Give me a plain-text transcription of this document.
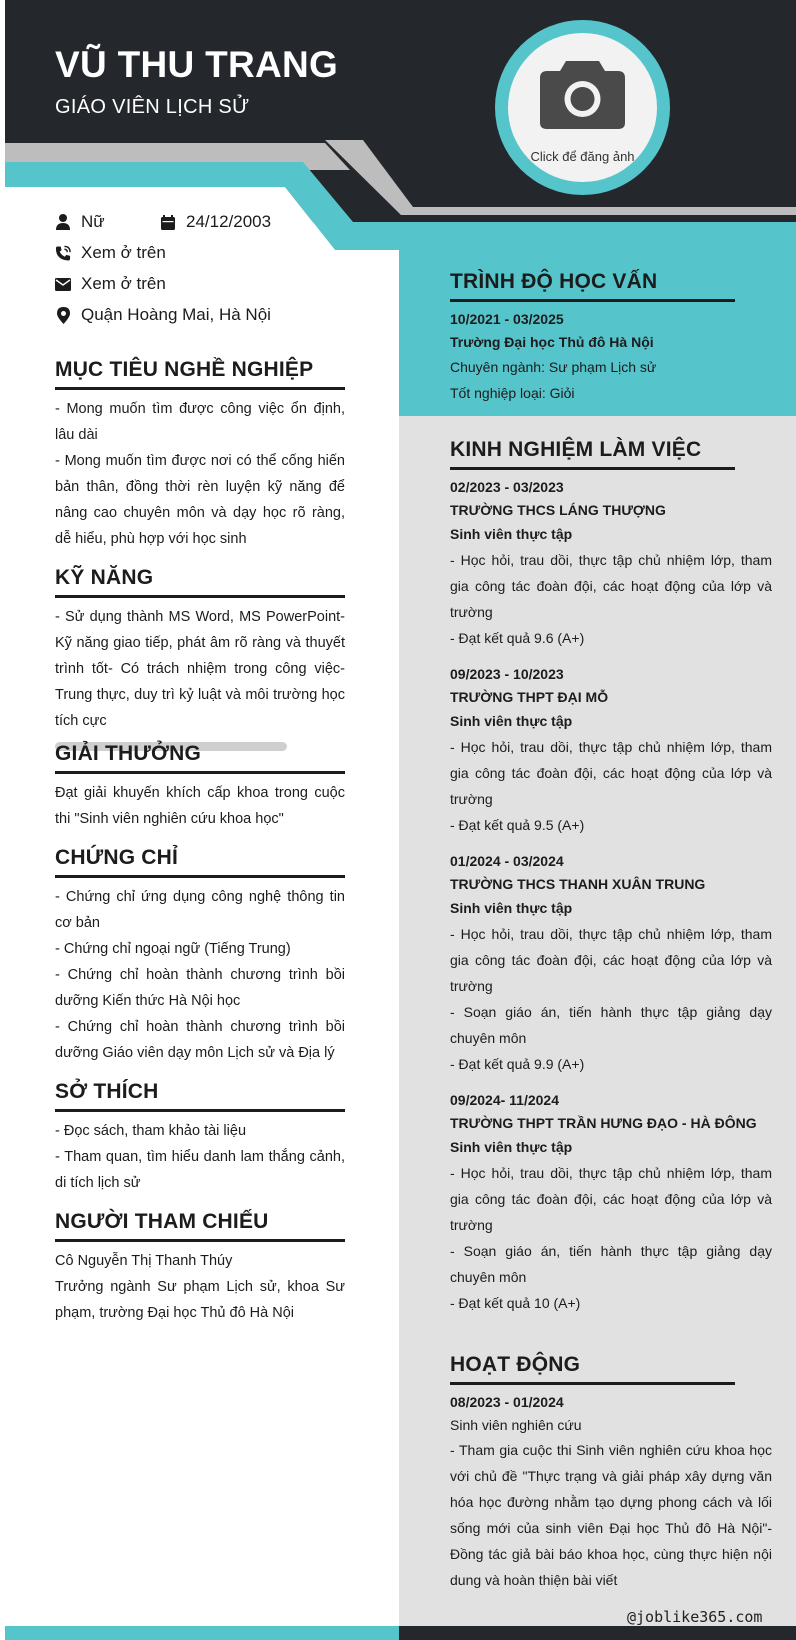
VŨ THU TRANG
GIÁO VIÊN LỊCH SỬ
Click để đăng ảnh
Nữ	24/12/2003
Xem ở trên
Xem ở trên
Quận Hoàng Mai, Hà Nội
MỤC TIÊU NGHỀ NGHIỆP

- Mong muốn tìm được công việc ổn định, lâu dài

- Mong muốn tìm được nơi có thể cống hiến bản thân, đồng thời rèn luyện kỹ năng để nâng cao chuyên môn và dạy học rõ ràng, dễ hiểu, phù hợp với học sinh

KỸ NĂNG

- Sử dụng thành MS Word, MS PowerPoint- Kỹ năng giao tiếp, phát âm rõ ràng và thuyết trình tốt- Có trách nhiệm trong công việc- Trung thực, duy trì kỷ luật và môi trường học tích cực

GIẢI THƯỞNG

Đạt giải khuyến khích cấp khoa trong cuộc thi "Sinh viên nghiên cứu khoa học"

CHỨNG CHỈ

- Chứng chỉ ứng dụng công nghệ thông tin cơ bản

- Chứng chỉ ngoại ngữ (Tiếng Trung)

- Chứng chỉ hoàn thành chương trình bồi dưỡng Kiến thức Hà Nội học

- Chứng chỉ hoàn thành chương trình bồi dưỡng Giáo viên dạy môn Lịch sử và Địa lý

SỞ THÍCH

- Đọc sách, tham khảo tài liệu

- Tham quan, tìm hiểu danh lam thắng cảnh, di tích lịch sử

NGƯỜI THAM CHIẾU

Cô Nguyễn Thị Thanh Thúy

Trưởng ngành Sư phạm Lịch sử, khoa Sư phạm, trường Đại học Thủ đô Hà Nội

TRÌNH ĐỘ HỌC VẤN
10/2021 - 03/2025
Trường Đại học Thủ đô Hà Nội
Chuyên ngành: Sư phạm Lịch sử
Tốt nghiệp loại: Giỏi
KINH NGHIỆM LÀM VIỆC
02/2023 - 03/2023
TRƯỜNG THCS LÁNG THƯỢNG
Sinh viên thực tập
- Học hỏi, trau dồi, thực tập chủ nhiệm lớp, tham gia công tác đoàn đội, các hoạt động của lớp và trường
- Đạt kết quả 9.6 (A+)
09/2023 - 10/2023
TRƯỜNG THPT ĐẠI MỖ
Sinh viên thực tập
- Học hỏi, trau dồi, thực tập chủ nhiệm lớp, tham gia công tác đoàn đội, các hoạt động của lớp và trường
- Đạt kết quả 9.5 (A+)
01/2024 - 03/2024
TRƯỜNG THCS THANH XUÂN TRUNG
Sinh viên thực tập
- Học hỏi, trau dồi, thực tập chủ nhiệm lớp, tham gia công tác đoàn đội, các hoạt động của lớp và trường
- Soạn giáo án, tiến hành thực tập giảng dạy chuyên môn
- Đạt kết quả 9.9 (A+)
09/2024- 11/2024
TRƯỜNG THPT TRẦN HƯNG ĐẠO - HÀ ĐÔNG
Sinh viên thực tập
- Học hỏi, trau dồi, thực tập chủ nhiệm lớp, tham gia công tác đoàn đội, các hoạt động của lớp và trường
- Soạn giáo án, tiến hành thực tập giảng dạy chuyên môn
- Đạt kết quả 10 (A+)
HOẠT ĐỘNG
08/2023 - 01/2024
Sinh viên nghiên cứu
- Tham gia cuộc thi Sinh viên nghiên cứu khoa học với chủ đề "Thực trạng và giải pháp xây dựng văn hóa học đường nhằm tạo dựng phong cách và lối sống mới của sinh viên Đại học Thủ đô Hà Nội"- Đồng tác giả bài báo khoa học, cùng thực hiện nội dung và hoàn thiện bài viết
@joblike365.com
